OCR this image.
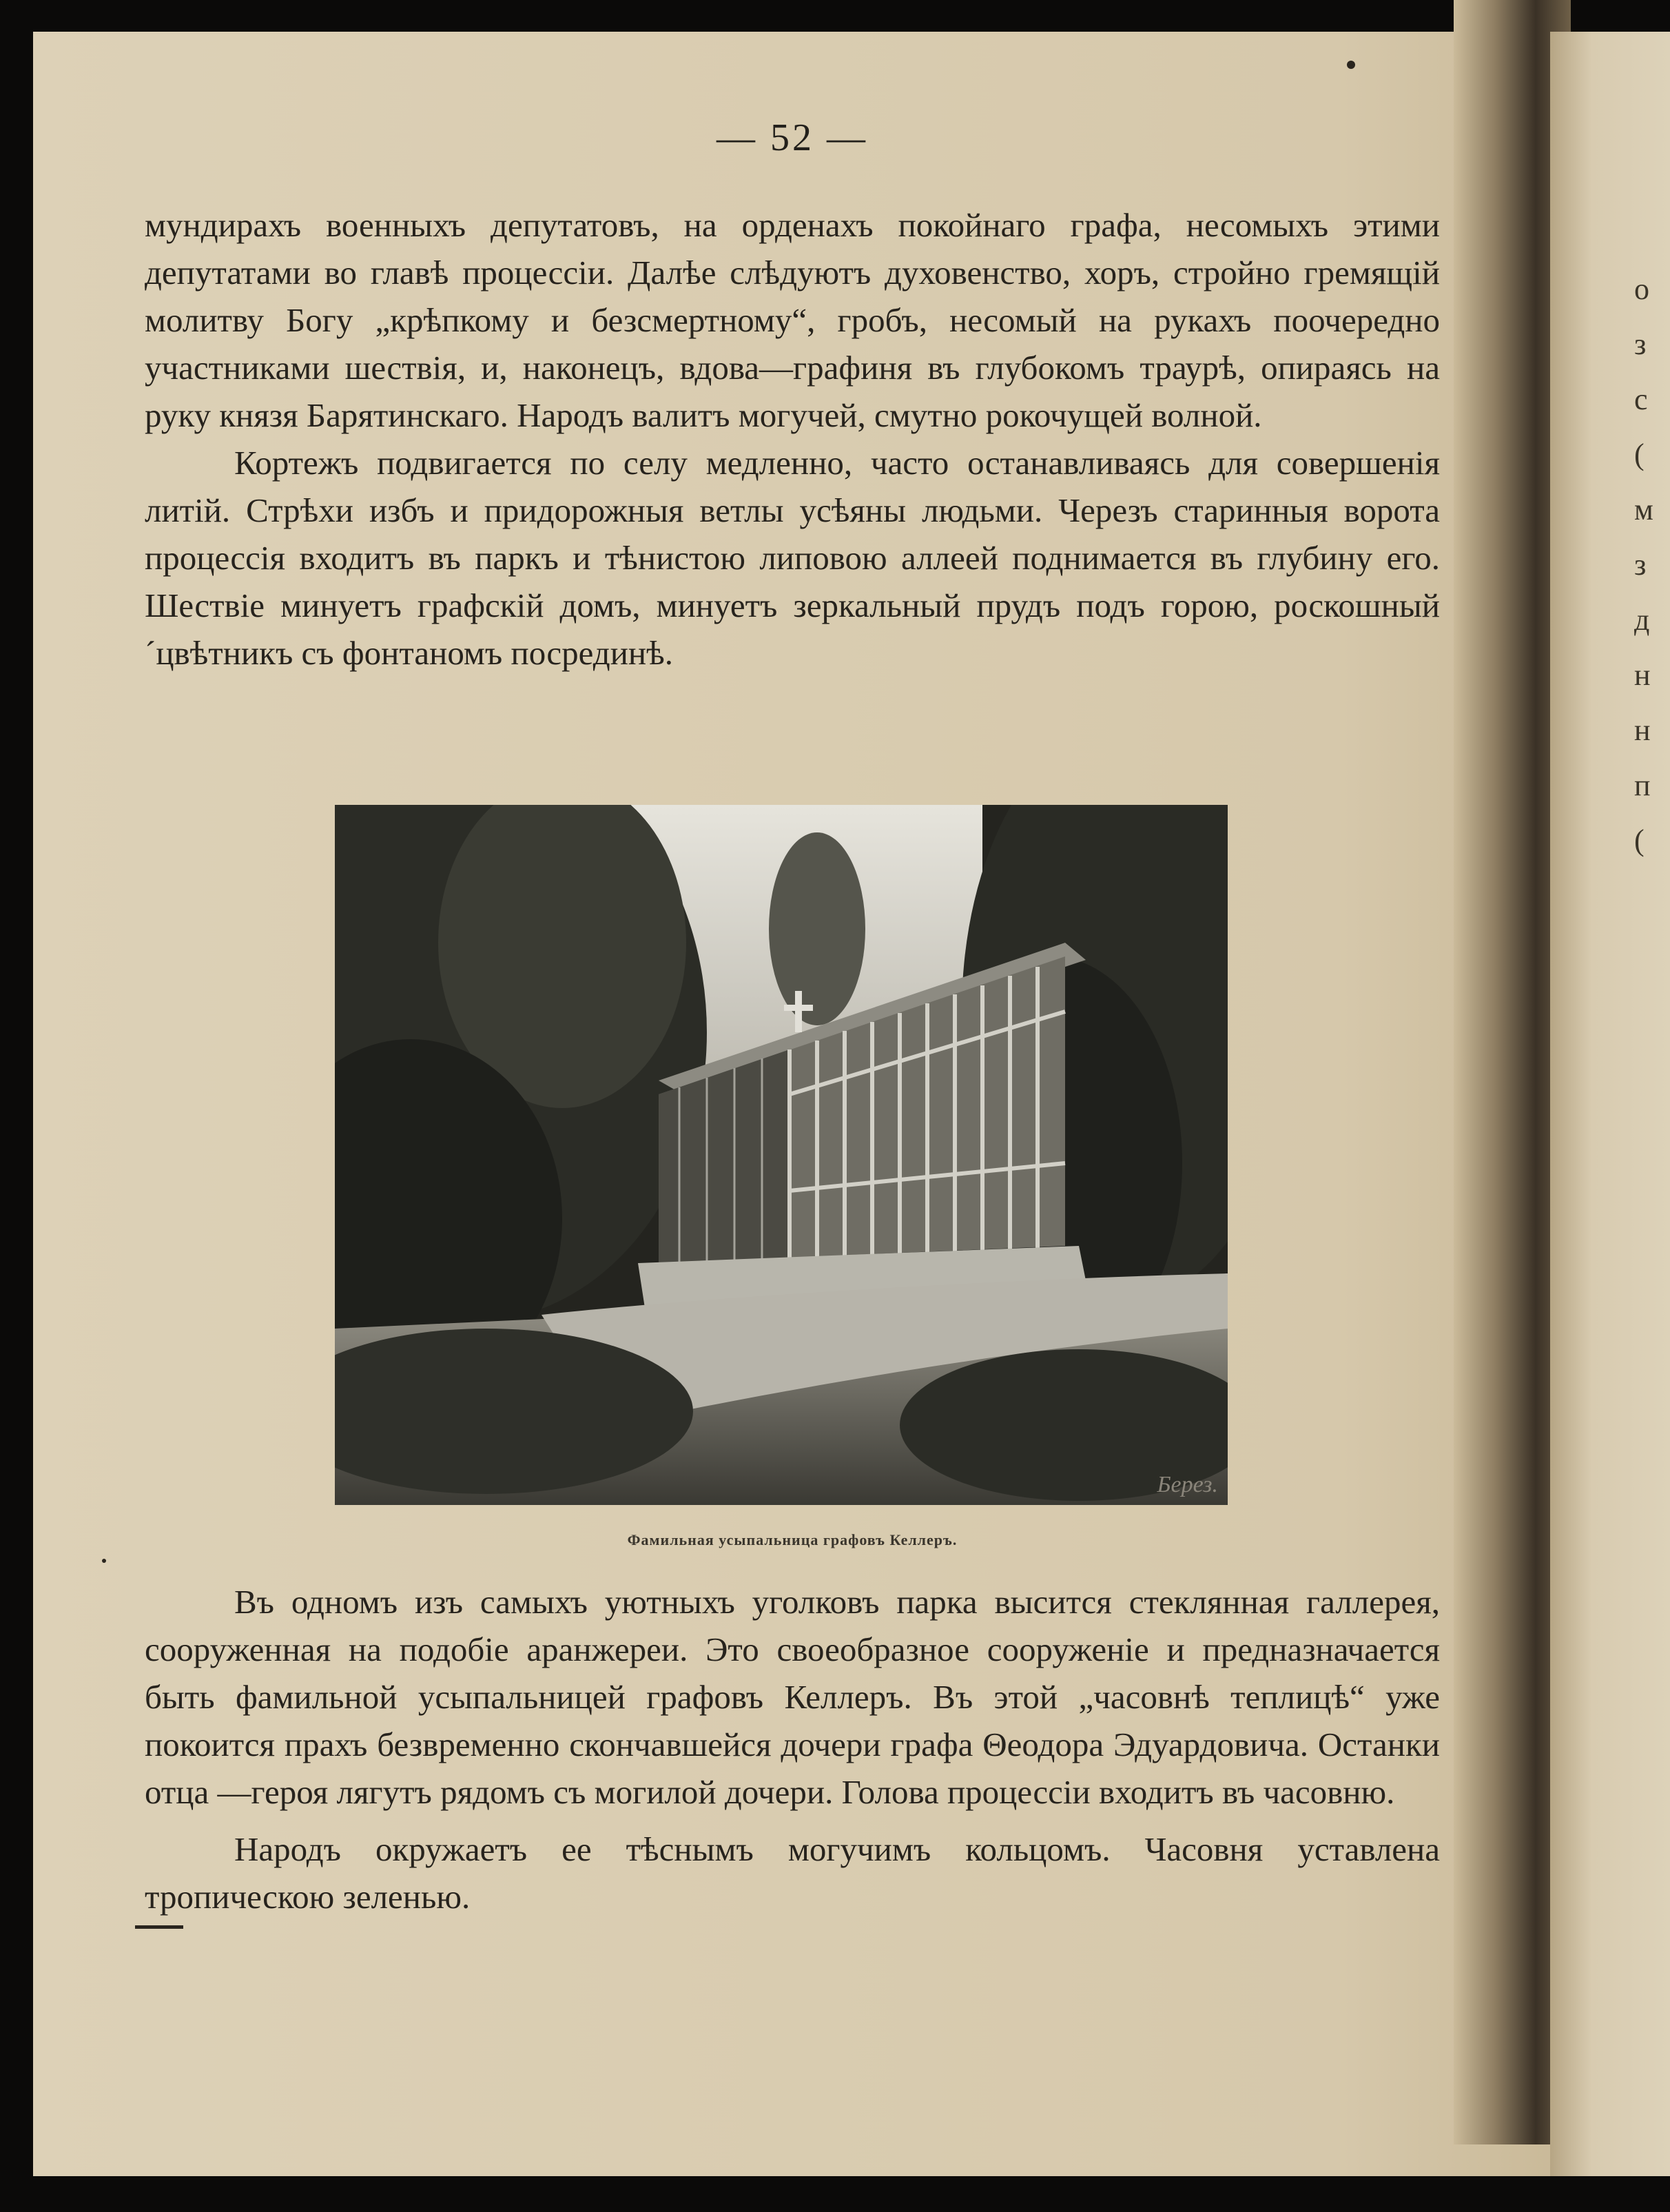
о
з
с
(
м
з
д
н
н
п
(
— 52 —

мундирахъ военныхъ депутатовъ, на орденахъ покойнаго графа, несомыхъ этими депутатами во главѣ процессіи. Далѣе слѣдуютъ духовенство, хоръ, стройно гремящій молитву Богу „крѣпкому и безсмертному“, гробъ, несомый на рукахъ поочередно участниками шествія, и, наконецъ, вдова—графиня въ глубокомъ траурѣ, опираясь на руку князя Барятинскаго. Народъ валитъ могучей, смутно рокочущей волной.

Кортежъ подвигается по селу медленно, часто останавливаясь для совершенія литій. Стрѣхи избъ и придорожныя ветлы усѣяны людьми. Черезъ старинныя ворота процессія входитъ въ паркъ и тѣнистою липовою аллеей поднимается въ глубину его. Шествіе минуетъ графскій домъ, минуетъ зеркальный прудъ подъ горою, роскошный ˊцвѣтникъ съ фонтаномъ посрединѣ.

Берез.
Фамильная усыпальница графовъ Келлеръ.

Въ одномъ изъ самыхъ уютныхъ уголковъ парка высится стеклянная галлерея, сооруженная на подобіе аранжереи. Это своеобразное сооруженіе и предназначается быть фамильной усыпальницей графовъ Келлеръ. Въ этой „часовнѣ теплицѣ“ уже покоится прахъ безвременно скончавшейся дочери графа Θеодора Эдуардовича. Останки отца —героя лягутъ рядомъ съ могилой дочери. Голова процессіи входитъ въ часовню.

Народъ окружаетъ ее тѣснымъ могучимъ кольцомъ. Часовня уставлена тропическою зеленью.
